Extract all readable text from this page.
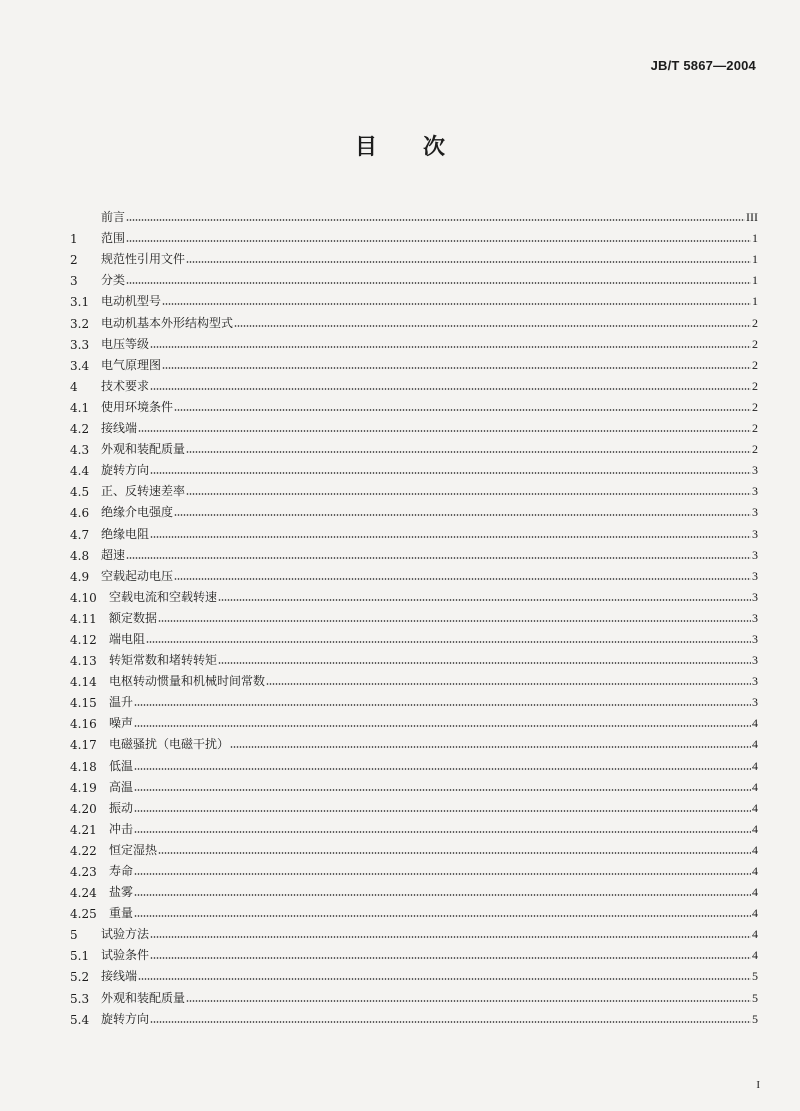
JB/T 5867—2004
目 次
前言	III
1	范围	1
2	规范性引用文件	1
3	分类	1
3.1 电动机型号	1
3.2 电动机基本外形结构型式	2
3.3 电压等级	2
3.4 电气原理图	2
4	技术要求	2
4.1 使用环境条件	2
4.2 接线端	2
4.3 外观和装配质量	2
4.4 旋转方向	3
4.5 正、反转速差率	3
4.6 绝缘介电强度	3
4.7 绝缘电阻	3
4.8 超速	3
4.9 空载起动电压	3
4.10	空载电流和空载转速	3
4.11	额定数据	3
4.12	端电阻	3
4.13	转矩常数和堵转转矩	3
4.14	电枢转动惯量和机械时间常数	3
4.15	温升	3
4.16	噪声	4
4.17	电磁骚扰（电磁干扰）	4
4.18	低温	4
4.19	高温	4
4.20	振动	4
4.21	冲击	4
4.22	恒定湿热	4
4.23	寿命	4
4.24	盐雾	4
4.25	重量	4
5	试验方法	4
5.1 试验条件	4
5.2 接线端	5
5.3 外观和装配质量	5
5.4 旋转方向	5
I
